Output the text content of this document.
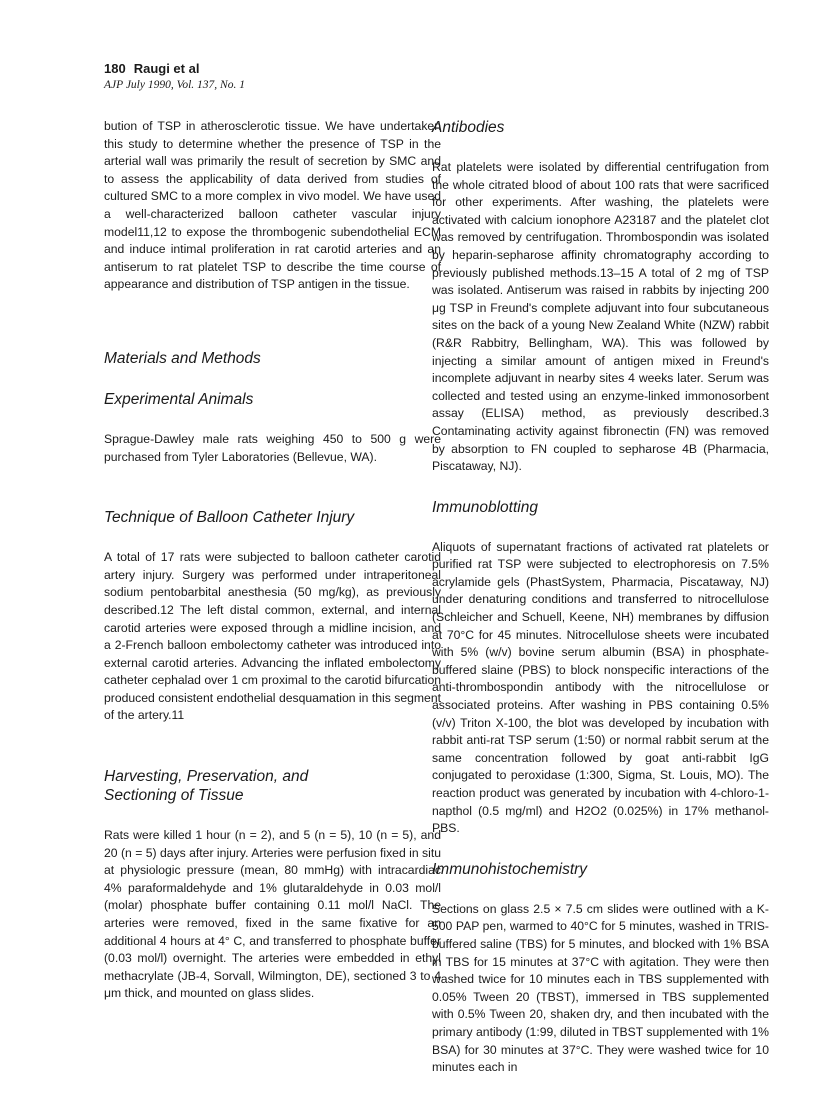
180 Raugi et al
AJP July 1990, Vol. 137, No. 1

bution of TSP in atherosclerotic tissue. We have undertaken this study to determine whether the presence of TSP in the arterial wall was primarily the result of secretion by SMC and to assess the applicability of data derived from studies of cultured SMC to a more complex in vivo model. We have used a well-characterized balloon catheter vascular injury model11,12 to expose the thrombogenic subendothelial ECM and induce intimal proliferation in rat carotid arteries and an antiserum to rat platelet TSP to describe the time course of appearance and distribution of TSP antigen in the tissue.

Materials and Methods
Experimental Animals

Sprague-Dawley male rats weighing 450 to 500 g were purchased from Tyler Laboratories (Bellevue, WA).

Technique of Balloon Catheter Injury

A total of 17 rats were subjected to balloon catheter carotid artery injury. Surgery was performed under intraperitoneal sodium pentobarbital anesthesia (50 mg/kg), as previously described.12 The left distal common, external, and internal carotid arteries were exposed through a midline incision, and a 2-French balloon embolectomy catheter was introduced into external carotid arteries. Advancing the inflated embolectomy catheter cephalad over 1 cm proximal to the carotid bifurcation produced consistent endothelial desquamation in this segment of the artery.11

Harvesting, Preservation, and
Sectioning of Tissue

Rats were killed 1 hour (n = 2), and 5 (n = 5), 10 (n = 5), and 20 (n = 5) days after injury. Arteries were perfusion fixed in situ at physiologic pressure (mean, 80 mmHg) with intracardiac 4% paraformaldehyde and 1% glutaraldehyde in 0.03 mol/l (molar) phosphate buffer containing 0.11 mol/l NaCl. The arteries were removed, fixed in the same fixative for an additional 4 hours at 4° C, and transferred to phosphate buffer (0.03 mol/l) overnight. The arteries were embedded in ethyl methacrylate (JB-4, Sorvall, Wilmington, DE), sectioned 3 to 4 μm thick, and mounted on glass slides.

Antibodies

Rat platelets were isolated by differential centrifugation from the whole citrated blood of about 100 rats that were sacrificed for other experiments. After washing, the platelets were activated with calcium ionophore A23187 and the platelet clot was removed by centrifugation. Thrombospondin was isolated by heparin-sepharose affinity chromatography according to previously published methods.13–15 A total of 2 mg of TSP was isolated. Antiserum was raised in rabbits by injecting 200 μg TSP in Freund's complete adjuvant into four subcutaneous sites on the back of a young New Zealand White (NZW) rabbit (R&R Rabbitry, Bellingham, WA). This was followed by injecting a similar amount of antigen mixed in Freund's incomplete adjuvant in nearby sites 4 weeks later. Serum was collected and tested using an enzyme-linked immonosorbent assay (ELISA) method, as previously described.3 Contaminating activity against fibronectin (FN) was removed by absorption to FN coupled to sepharose 4B (Pharmacia, Piscataway, NJ).

Immunoblotting

Aliquots of supernatant fractions of activated rat platelets or purified rat TSP were subjected to electrophoresis on 7.5% acrylamide gels (PhastSystem, Pharmacia, Piscataway, NJ) under denaturing conditions and transferred to nitrocellulose (Schleicher and Schuell, Keene, NH) membranes by diffusion at 70°C for 45 minutes. Nitrocellulose sheets were incubated with 5% (w/v) bovine serum albumin (BSA) in phosphate-buffered slaine (PBS) to block nonspecific interactions of the anti-thrombospondin antibody with the nitrocellulose or associated proteins. After washing in PBS containing 0.5% (v/v) Triton X-100, the blot was developed by incubation with rabbit anti-rat TSP serum (1:50) or normal rabbit serum at the same concentration followed by goat anti-rabbit IgG conjugated to peroxidase (1:300, Sigma, St. Louis, MO). The reaction product was generated by incubation with 4-chloro-1-napthol (0.5 mg/ml) and H2O2 (0.025%) in 17% methanol-PBS.

Immunohistochemistry

Sections on glass 2.5 × 7.5 cm slides were outlined with a K-500 PAP pen, warmed to 40°C for 5 minutes, washed in TRIS-buffered saline (TBS) for 5 minutes, and blocked with 1% BSA in TBS for 15 minutes at 37°C with agitation. They were then washed twice for 10 minutes each in TBS supplemented with 0.05% Tween 20 (TBST), immersed in TBS supplemented with 0.5% Tween 20, shaken dry, and then incubated with the primary antibody (1:99, diluted in TBST supplemented with 1% BSA) for 30 minutes at 37°C. They were washed twice for 10 minutes each in
